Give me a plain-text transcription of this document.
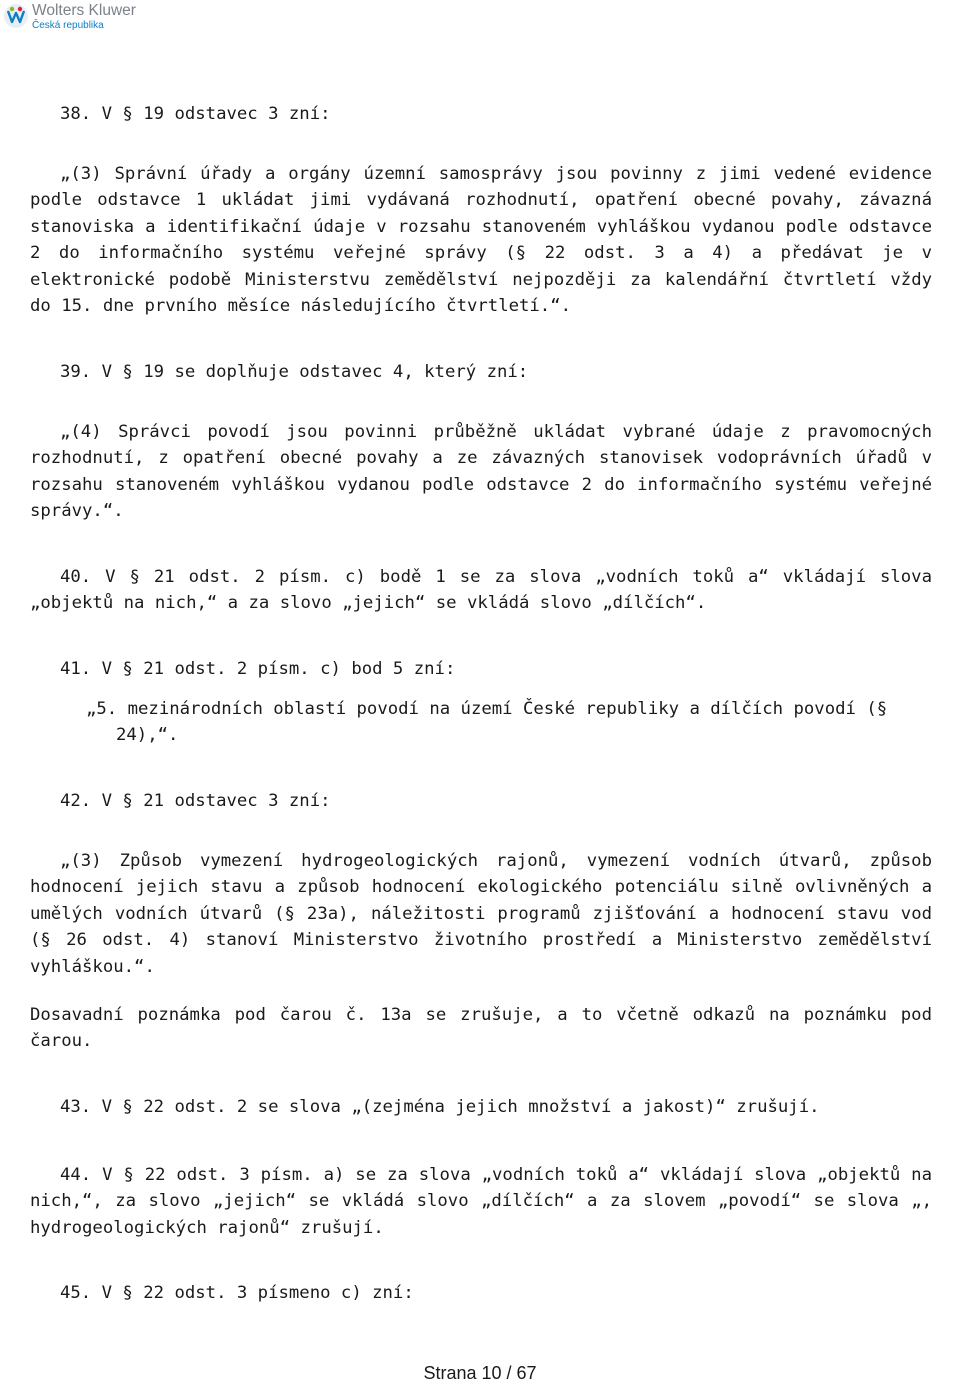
Wolters Kluwer
Česká republika

38. V § 19 odstavec 3 zní:

„(3) Správní úřady a orgány územní samosprávy jsou povinny z jimi vedené evidence podle odstavce 1 ukládat jimi vydávaná rozhodnutí, opatření obecné povahy, závazná stanoviska a identifikační údaje v rozsahu stanoveném vyhláškou vydanou podle odstavce 2 do informačního systému veřejné správy (§ 22 odst. 3 a 4) a předávat je v elektronické podobě Ministerstvu zemědělství nejpozději za kalendářní čtvrtletí vždy do 15. dne prvního měsíce následujícího čtvrtletí.“.

39. V § 19 se doplňuje odstavec 4, který zní:

„(4) Správci povodí jsou povinni průběžně ukládat vybrané údaje z pravomocných rozhodnutí, z opatření obecné povahy a ze závazných stanovisek vodoprávních úřadů v rozsahu stanoveném vyhláškou vydanou podle odstavce 2 do informačního systému veřejné správy.“.

40. V § 21 odst. 2 písm. c) bodě 1 se za slova „vodních toků a“ vkládají slova „objektů na nich,“ a za slovo „jejich“ se vkládá slovo „dílčích“.

41. V § 21 odst. 2 písm. c) bod 5 zní:

„5. mezinárodních oblastí povodí na území České republiky a dílčích povodí (§ 24),“.

42. V § 21 odstavec 3 zní:

„(3) Způsob vymezení hydrogeologických rajonů, vymezení vodních útvarů, způsob hodnocení jejich stavu a způsob hodnocení ekologického potenciálu silně ovlivněných a umělých vodních útvarů (§ 23a), náležitosti programů zjišťování a hodnocení stavu vod (§ 26 odst. 4) stanoví Ministerstvo životního prostředí a Ministerstvo zemědělství vyhláškou.“.

Dosavadní poznámka pod čarou č. 13a se zrušuje, a to včetně odkazů na poznámku pod čarou.

43. V § 22 odst. 2 se slova „(zejména jejich množství a jakost)“ zrušují.

44. V § 22 odst. 3 písm. a) se za slova „vodních toků a“ vkládají slova „objektů na nich,“, za slovo „jejich“ se vkládá slovo „dílčích“ a za slovem „povodí“ se slova „, hydrogeologických rajonů“ zrušují.

45. V § 22 odst. 3 písmeno c) zní:

Strana 10 / 67
